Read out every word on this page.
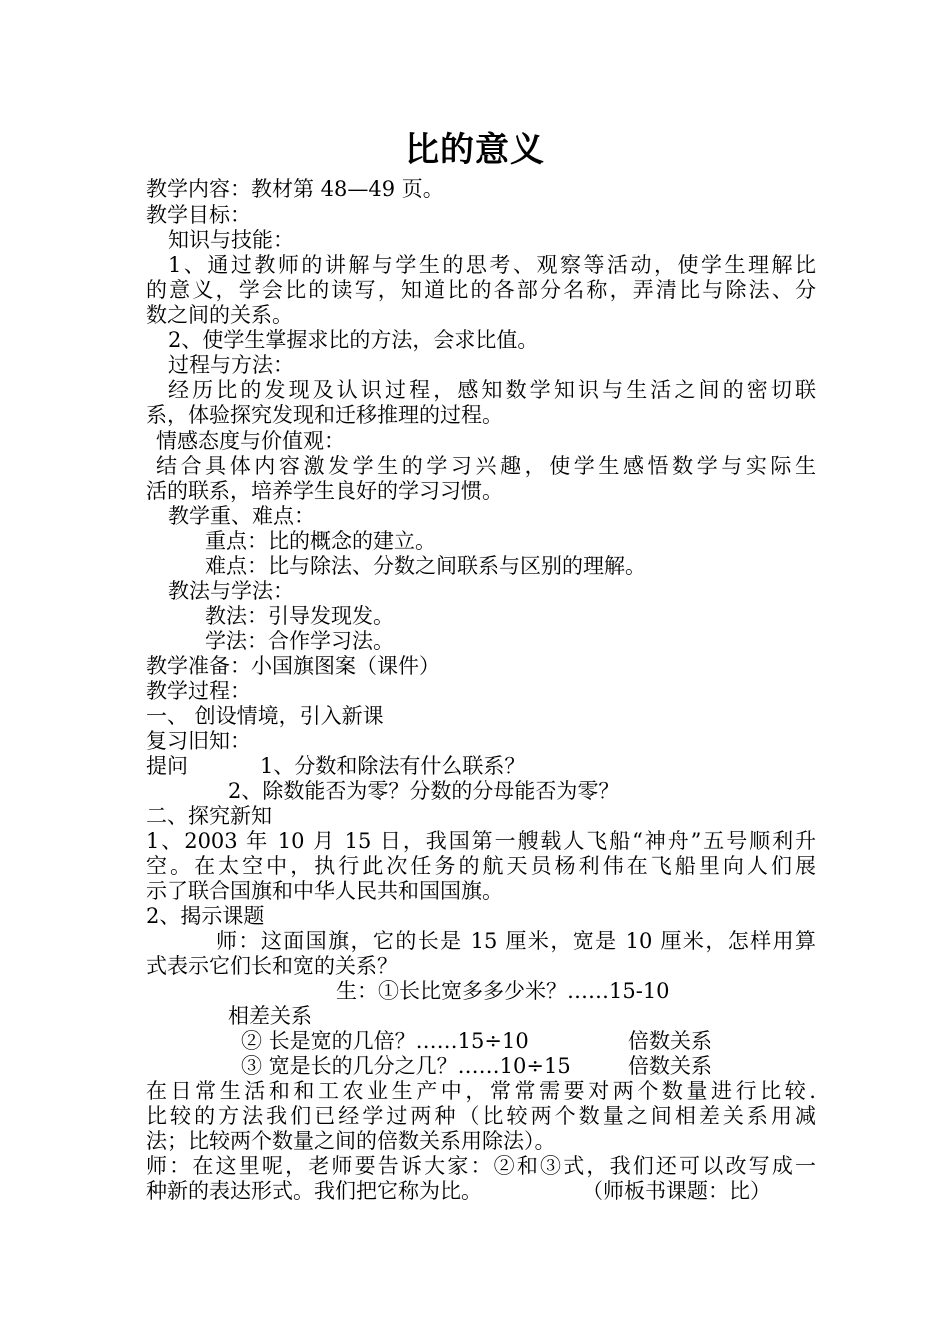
比的意义
教学内容：教材第 48—49 页。
教学目标：
知识与技能：
1、通过教师的讲解与学生的思考、观察等活动，使学生理解比
的意义，学会比的读写，知道比的各部分名称，弄清比与除法、分
数之间的关系。
2、使学生掌握求比的方法，会求比值。
过程与方法：
经历比的发现及认识过程，感知数学知识与生活之间的密切联
系，体验探究发现和迁移推理的过程。
情感态度与价值观：
结合具体内容激发学生的学习兴趣，使学生感悟数学与实际生
活的联系，培养学生良好的学习习惯。
教学重、难点：
重点：比的概念的建立。
难点：比与除法、分数之间联系与区别的理解。
教法与学法：
教法：引导发现发。
学法：合作学习法。
教学准备：小国旗图案（课件）
教学过程：
一、 创设情境，引入新课
复习旧知：
提问	1、分数和除法有什么联系？
2、除数能否为零？分数的分母能否为零？
二、探究新知
1、2003 年 10 月 15 日，我国第一艘载人飞船“神舟”五号顺利升
空。在太空中，执行此次任务的航天员杨利伟在飞船里向人们展
示了联合国旗和中华人民共和国国旗。
2、揭示课题
师：这面国旗，它的长是 15 厘米，宽是 10 厘米，怎样用算
式表示它们长和宽的关系？
生：①长比宽多多少米？……15-10
相差关系
② 长是宽的几倍？……15÷10	倍数关系
③ 宽是长的几分之几？……10÷15	倍数关系
在日常生活和和工农业生产中，常常需要对两个数量进行比较.
比较的方法我们已经学过两种（比较两个数量之间相差关系用减
法；比较两个数量之间的倍数关系用除法）。
师：在这里呢，老师要告诉大家：②和③式，我们还可以改写成一
种新的表达形式。我们把它称为比。	（师板书课题：比）
